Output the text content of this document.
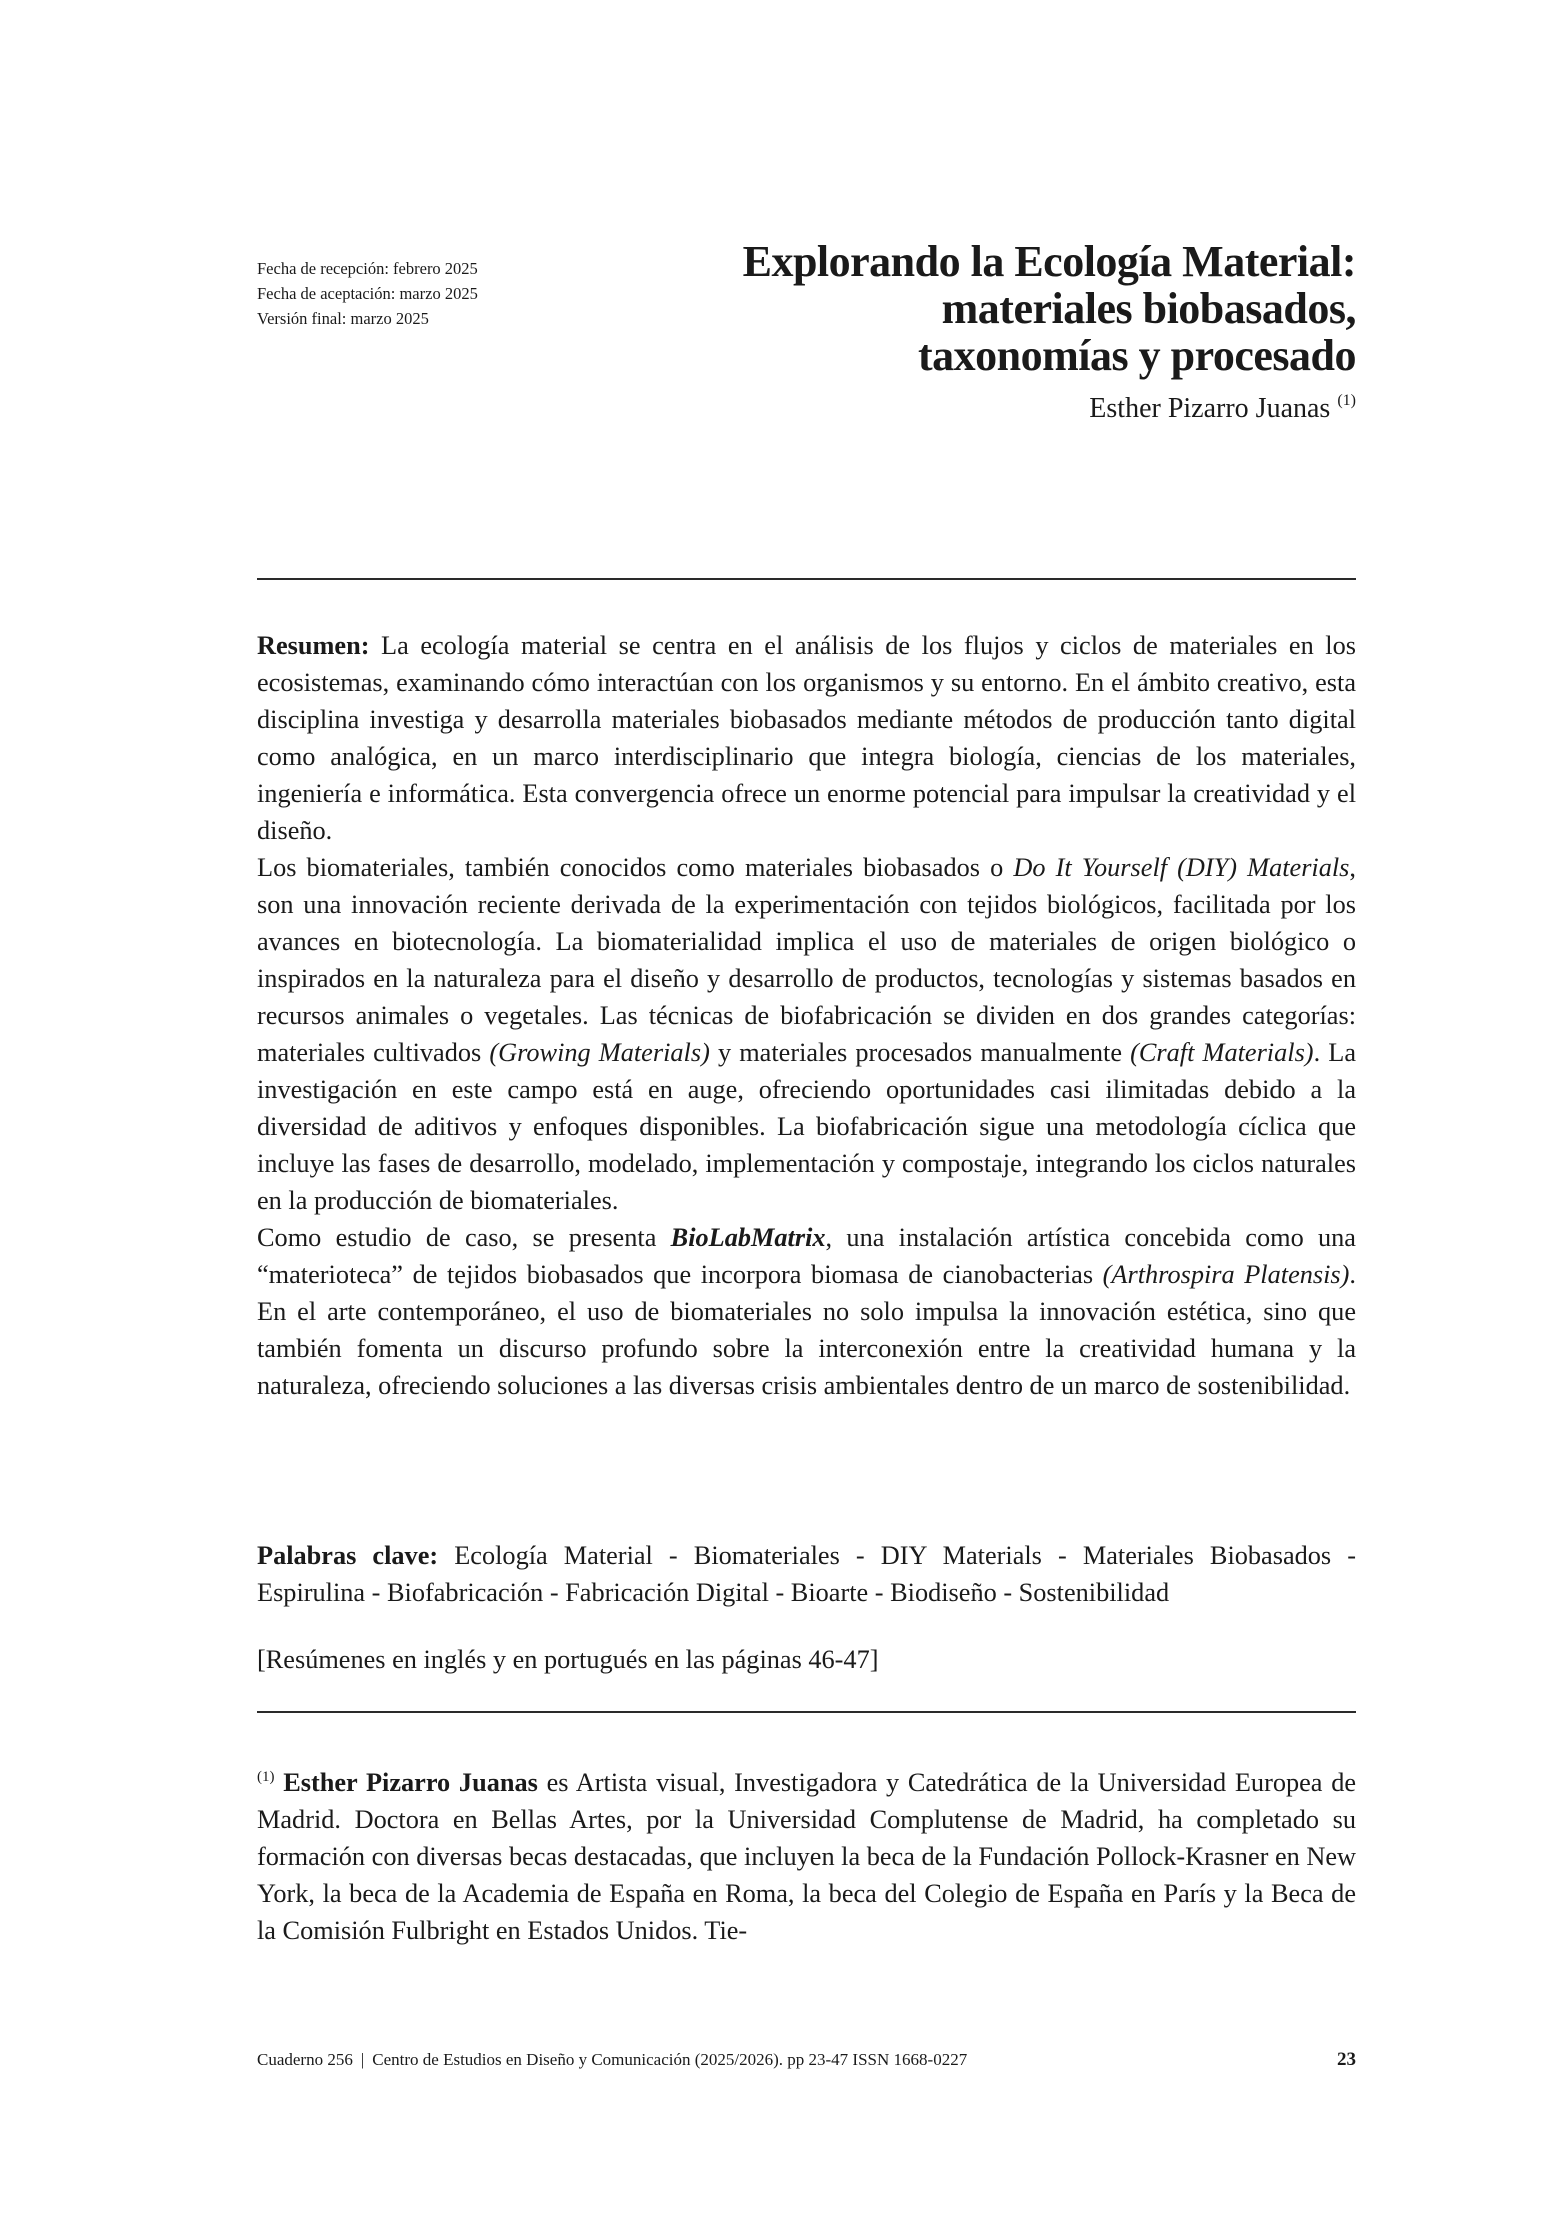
Fecha de recepción: febrero 2025
Fecha de aceptación: marzo 2025
Versión final: marzo 2025
Explorando la Ecología Material:
materiales biobasados,
taxonomías y procesado
Esther Pizarro Juanas $^{(1)}$

Resumen: La ecología material se centra en el análisis de los flujos y ciclos de materiales en los ecosistemas, examinando cómo interactúan con los organismos y su entorno. En el ámbito creativo, esta disciplina investiga y desarrolla materiales biobasados mediante métodos de producción tanto digital como analógica, en un marco interdisciplinario que integra biología, ciencias de los materiales, ingeniería e informática. Esta convergencia ofrece un enorme potencial para impulsar la creatividad y el diseño.

Los biomateriales, también conocidos como materiales biobasados o Do It Yourself (DIY) Materials, son una innovación reciente derivada de la experimentación con tejidos biológicos, facilitada por los avances en biotecnología. La biomaterialidad implica el uso de materiales de origen biológico o inspirados en la naturaleza para el diseño y desarrollo de productos, tecnologías y sistemas basados en recursos animales o vegetales. Las técnicas de biofabricación se dividen en dos grandes categorías: materiales cultivados (Growing Materials) y materiales procesados manualmente (Craft Materials). La investigación en este campo está en auge, ofreciendo oportunidades casi ilimitadas debido a la diversidad de aditivos y enfoques disponibles. La biofabricación sigue una metodología cíclica que incluye las fases de desarrollo, modelado, implementación y compostaje, integrando los ciclos naturales en la producción de biomateriales.

Como estudio de caso, se presenta BioLabMatrix, una instalación artística concebida como una “materioteca” de tejidos biobasados que incorpora biomasa de cianobacterias (Arthrospira Platensis). En el arte contemporáneo, el uso de biomateriales no solo impulsa la innovación estética, sino que también fomenta un discurso profundo sobre la interconexión entre la creatividad humana y la naturaleza, ofreciendo soluciones a las diversas crisis ambientales dentro de un marco de sostenibilidad.

Palabras clave: Ecología Material - Biomateriales - DIY Materials - Materiales Biobasados - Espirulina - Biofabricación - Fabricación Digital - Bioarte - Biodiseño - Sostenibilidad

[Resúmenes en inglés y en portugués en las páginas 46-47]

$^{(1)}$ Esther Pizarro Juanas es Artista visual, Investigadora y Catedrática de la Universidad Europea de Madrid. Doctora en Bellas Artes, por la Universidad Complutense de Madrid, ha completado su formación con diversas becas destacadas, que incluyen la beca de la Fundación Pollock-Krasner en New York, la beca de la Academia de España en Roma, la beca del Colegio de España en París y la Beca de la Comisión Fulbright en Estados Unidos. Tie-

Cuaderno 256 | Centro de Estudios en Diseño y Comunicación (2025/2026). pp 23-47 ISSN 1668-0227	23
